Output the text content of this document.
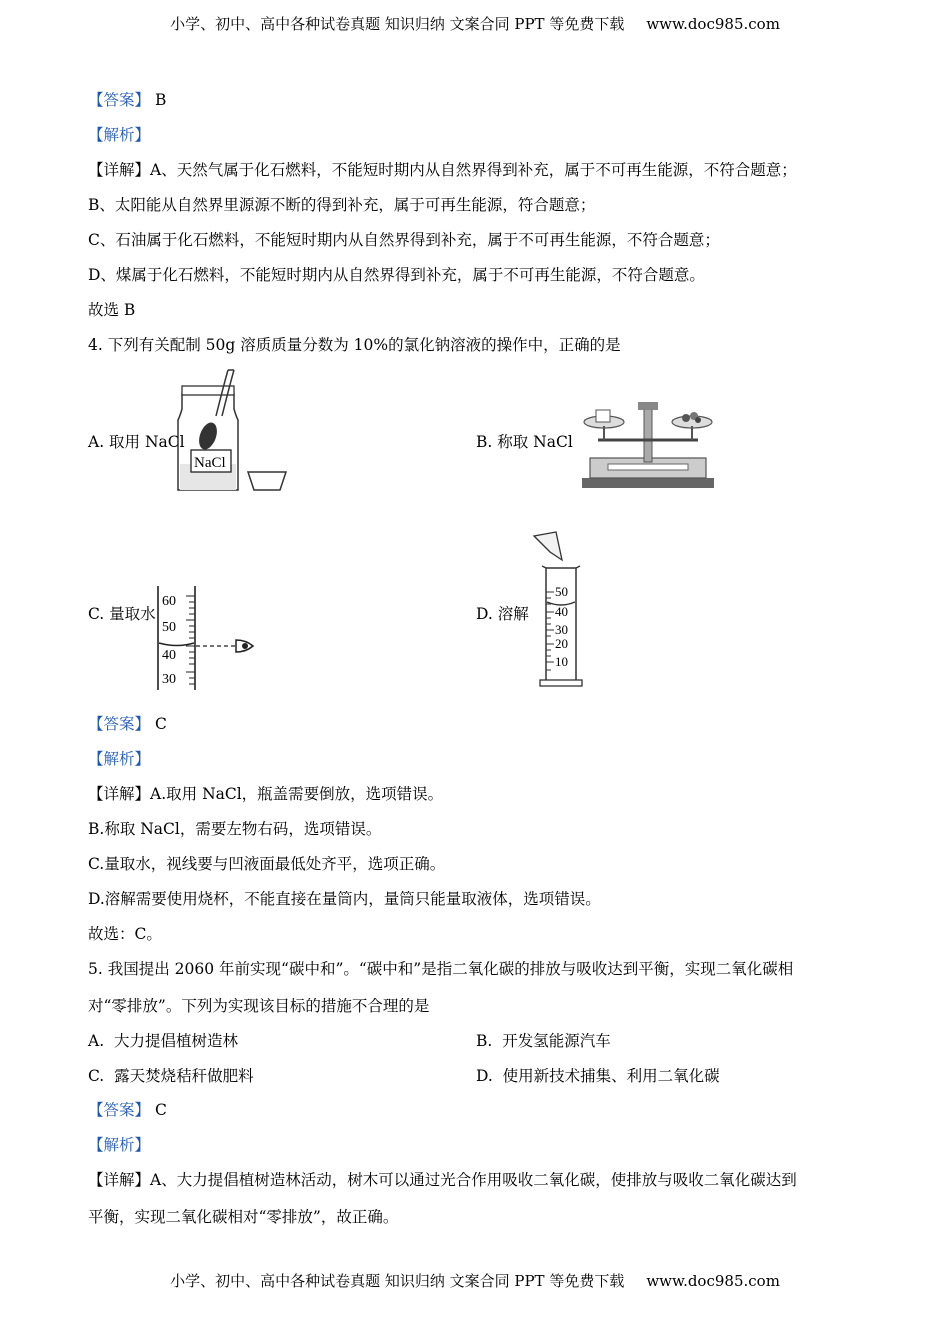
小学、初中、高中各种试卷真题 知识归纳 文案合同 PPT 等免费下载 www.doc985.com
【答案】 B
【解析】
【详解】A、天然气属于化石燃料，不能短时期内从自然界得到补充，属于不可再生能源，不符合题意；
B、太阳能从自然界里源源不断的得到补充，属于可再生能源，符合题意；
C、石油属于化石燃料，不能短时期内从自然界得到补充，属于不可再生能源，不符合题意；
D、煤属于化石燃料，不能短时期内从自然界得到补充，属于不可再生能源，不符合题意。
故选 B
4. 下列有关配制 50g 溶质质量分数为 10%的氯化钠溶液的操作中，正确的是
A. 取用 NaCl
NaCl
B. 称取 NaCl
C. 量取水
60
50
40
30
D. 溶解
50
40
30
20
10
【答案】 C
【解析】
【详解】A.取用 NaCl，瓶盖需要倒放，选项错误。
B.称取 NaCl，需要左物右码，选项错误。
C.量取水，视线要与凹液面最低处齐平，选项正确。
D.溶解需要使用烧杯，不能直接在量筒内，量筒只能量取液体，选项错误。
故选：C。
5. 我国提出 2060 年前实现“碳中和”。“碳中和”是指二氧化碳的排放与吸收达到平衡，实现二氧化碳相
对“零排放”。下列为实现该目标的措施不合理的是
A. 大力提倡植树造林	B. 开发氢能源汽车
C. 露天焚烧秸秆做肥料	D. 使用新技术捕集、利用二氧化碳
【答案】 C
【解析】
【详解】A、大力提倡植树造林活动，树木可以通过光合作用吸收二氧化碳，使排放与吸收二氧化碳达到
平衡，实现二氧化碳相对“零排放”，故正确。
小学、初中、高中各种试卷真题 知识归纳 文案合同 PPT 等免费下载 www.doc985.com
